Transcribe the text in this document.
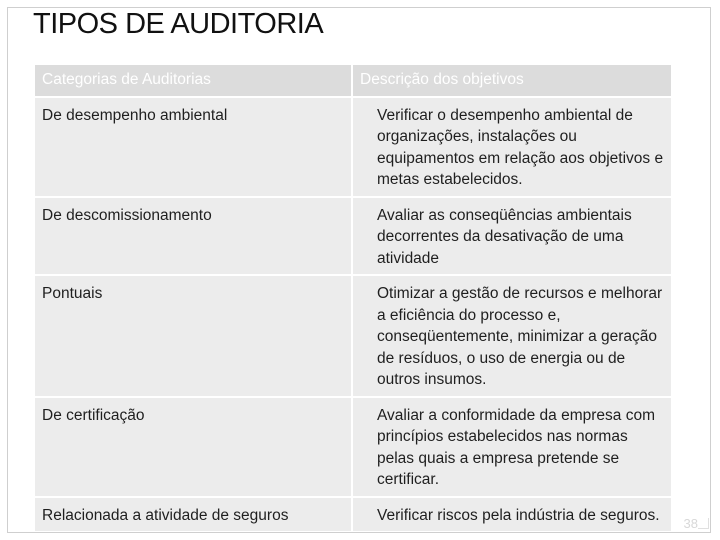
TIPOS DE AUDITORIA
Categorias de Auditorias	Descrição dos objetivos
De desempenho ambiental	Verificar o desempenho ambiental de organizações, instalações ou equipamentos em relação aos objetivos e metas estabelecidos.
De descomissionamento	Avaliar as conseqüências ambientais decorrentes da desativação de uma atividade
Pontuais	Otimizar a gestão de recursos e melhorar a eficiência do processo e, conseqüentemente, minimizar a geração de resíduos, o uso de energia ou de outros insumos.
De certificação	Avaliar a conformidade da empresa com princípios estabelecidos nas normas pelas quais a empresa pretende se certificar.
Relacionada a atividade de seguros	Verificar riscos pela indústria de seguros. 38
